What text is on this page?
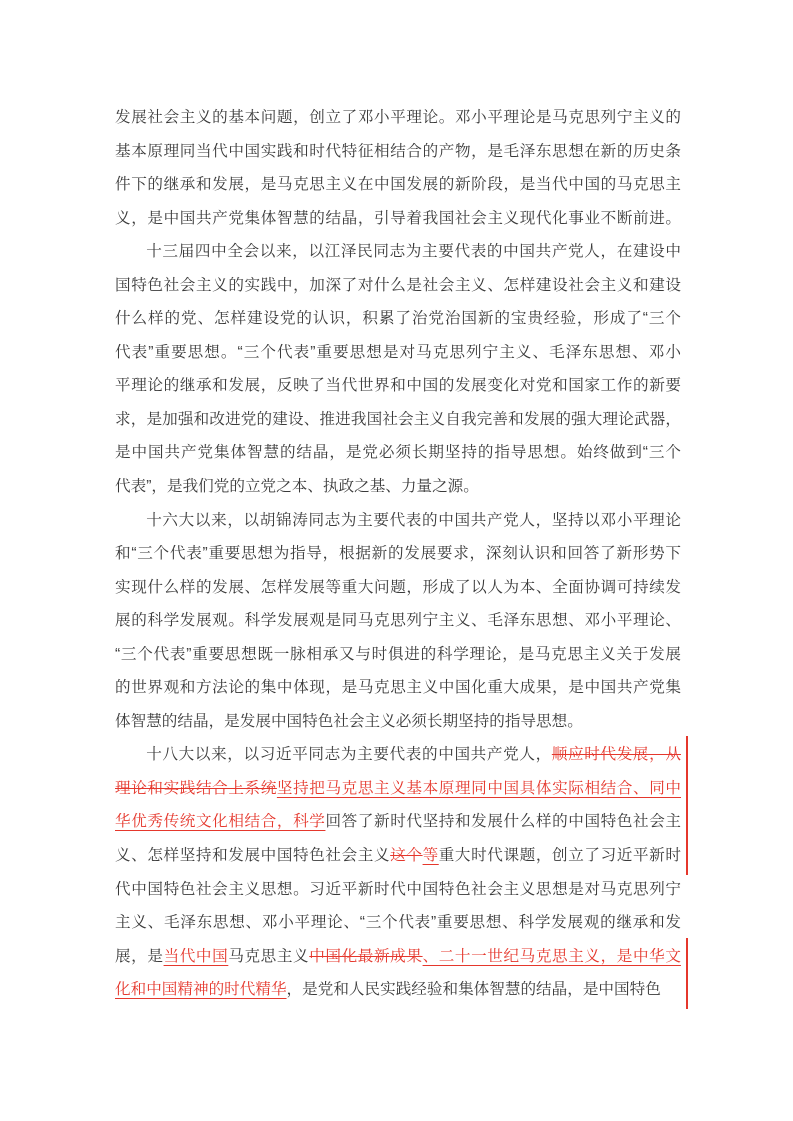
发展社会主义的基本问题，创立了邓小平理论。邓小平理论是马克思列宁主义的
基本原理同当代中国实践和时代特征相结合的产物，是毛泽东思想在新的历史条
件下的继承和发展，是马克思主义在中国发展的新阶段，是当代中国的马克思主
义，是中国共产党集体智慧的结晶，引导着我国社会主义现代化事业不断前进。
十三届四中全会以来，以江泽民同志为主要代表的中国共产党人，在建设中
国特色社会主义的实践中，加深了对什么是社会主义、怎样建设社会主义和建设
什么样的党、怎样建设党的认识，积累了治党治国新的宝贵经验，形成了“三个
代表”重要思想。“三个代表”重要思想是对马克思列宁主义、毛泽东思想、邓小
平理论的继承和发展，反映了当代世界和中国的发展变化对党和国家工作的新要
求，是加强和改进党的建设、推进我国社会主义自我完善和发展的强大理论武器，
是中国共产党集体智慧的结晶，是党必须长期坚持的指导思想。始终做到“三个
代表”，是我们党的立党之本、执政之基、力量之源。
十六大以来，以胡锦涛同志为主要代表的中国共产党人，坚持以邓小平理论
和“三个代表”重要思想为指导，根据新的发展要求，深刻认识和回答了新形势下
实现什么样的发展、怎样发展等重大问题，形成了以人为本、全面协调可持续发
展的科学发展观。科学发展观是同马克思列宁主义、毛泽东思想、邓小平理论、
“三个代表”重要思想既一脉相承又与时俱进的科学理论，是马克思主义关于发展
的世界观和方法论的集中体现，是马克思主义中国化重大成果，是中国共产党集
体智慧的结晶，是发展中国特色社会主义必须长期坚持的指导思想。
十八大以来，以习近平同志为主要代表的中国共产党人，顺应时代发展，从
理论和实践结合上系统坚持把马克思主义基本原理同中国具体实际相结合、同中
华优秀传统文化相结合，科学回答了新时代坚持和发展什么样的中国特色社会主
义、怎样坚持和发展中国特色社会主义这个等重大时代课题，创立了习近平新时
代中国特色社会主义思想。习近平新时代中国特色社会主义思想是对马克思列宁
主义、毛泽东思想、邓小平理论、“三个代表”重要思想、科学发展观的继承和发
展，是当代中国马克思主义中国化最新成果、二十一世纪马克思主义，是中华文
化和中国精神的时代精华，是党和人民实践经验和集体智慧的结晶，是中国特色
